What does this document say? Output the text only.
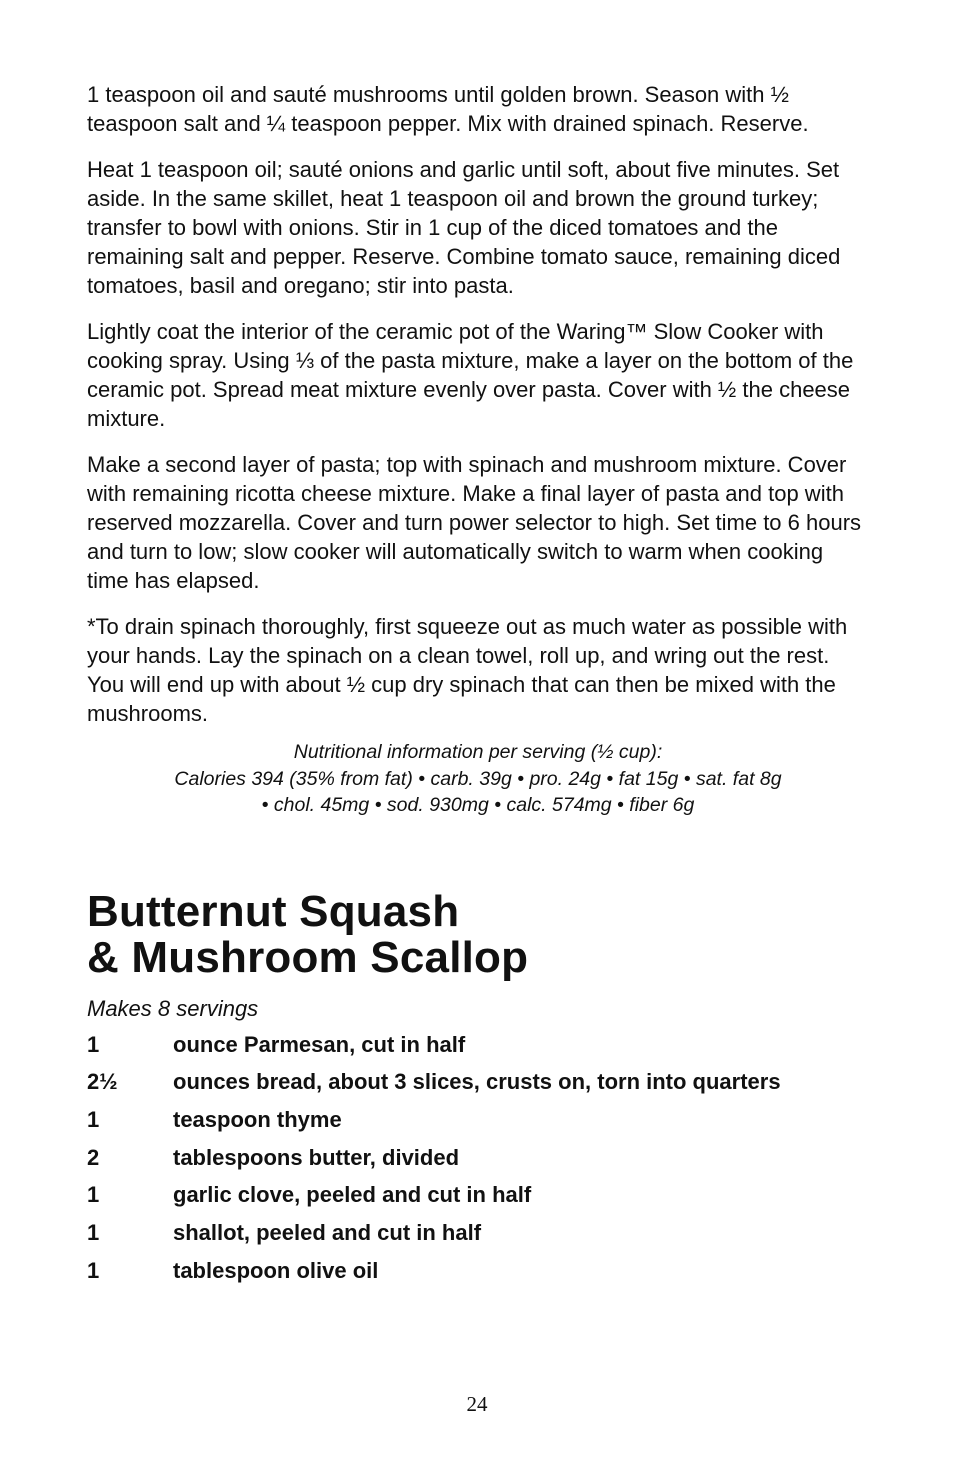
1 teaspoon oil and sauté mushrooms until golden brown. Season with ½ teaspoon salt and ¼ teaspoon pepper. Mix with drained spinach. Reserve.

Heat 1 teaspoon oil; sauté onions and garlic until soft, about five minutes. Set aside. In the same skillet, heat 1 teaspoon oil and brown the ground turkey; transfer to bowl with onions. Stir in 1 cup of the diced tomatoes and the remaining salt and pepper. Reserve. Combine tomato sauce, remaining diced tomatoes, basil and oregano; stir into pasta.

Lightly coat the interior of the ceramic pot of the Waring™ Slow Cooker with cooking spray. Using ⅓ of the pasta mixture, make a layer on the bottom of the ceramic pot. Spread meat mixture evenly over pasta. Cover with ½ the cheese mixture.

Make a second layer of pasta; top with spinach and mushroom mixture. Cover with remaining ricotta cheese mixture. Make a final layer of pasta and top with reserved mozzarella. Cover and turn power selector to high. Set time to 6 hours and turn to low; slow cooker will automatically switch to warm when cooking time has elapsed.

*To drain spinach thoroughly, first squeeze out as much water as possible with your hands. Lay the spinach on a clean towel, roll up, and wring out the rest. You will end up with about ½ cup dry spinach that can then be mixed with the mushrooms.

Nutritional information per serving (½ cup):

Calories 394 (35% from fat) • carb. 39g • pro. 24g • fat 15g • sat. fat 8g

• chol. 45mg • sod. 930mg • calc. 574mg • fiber 6g

Butternut Squash
& Mushroom Scallop

Makes 8 servings

1	ounce Parmesan, cut in half
2½	ounces bread, about 3 slices, crusts on, torn into quarters
1	teaspoon thyme
2	tablespoons butter, divided
1	garlic clove, peeled and cut in half
1	shallot, peeled and cut in half
1	tablespoon olive oil
24
